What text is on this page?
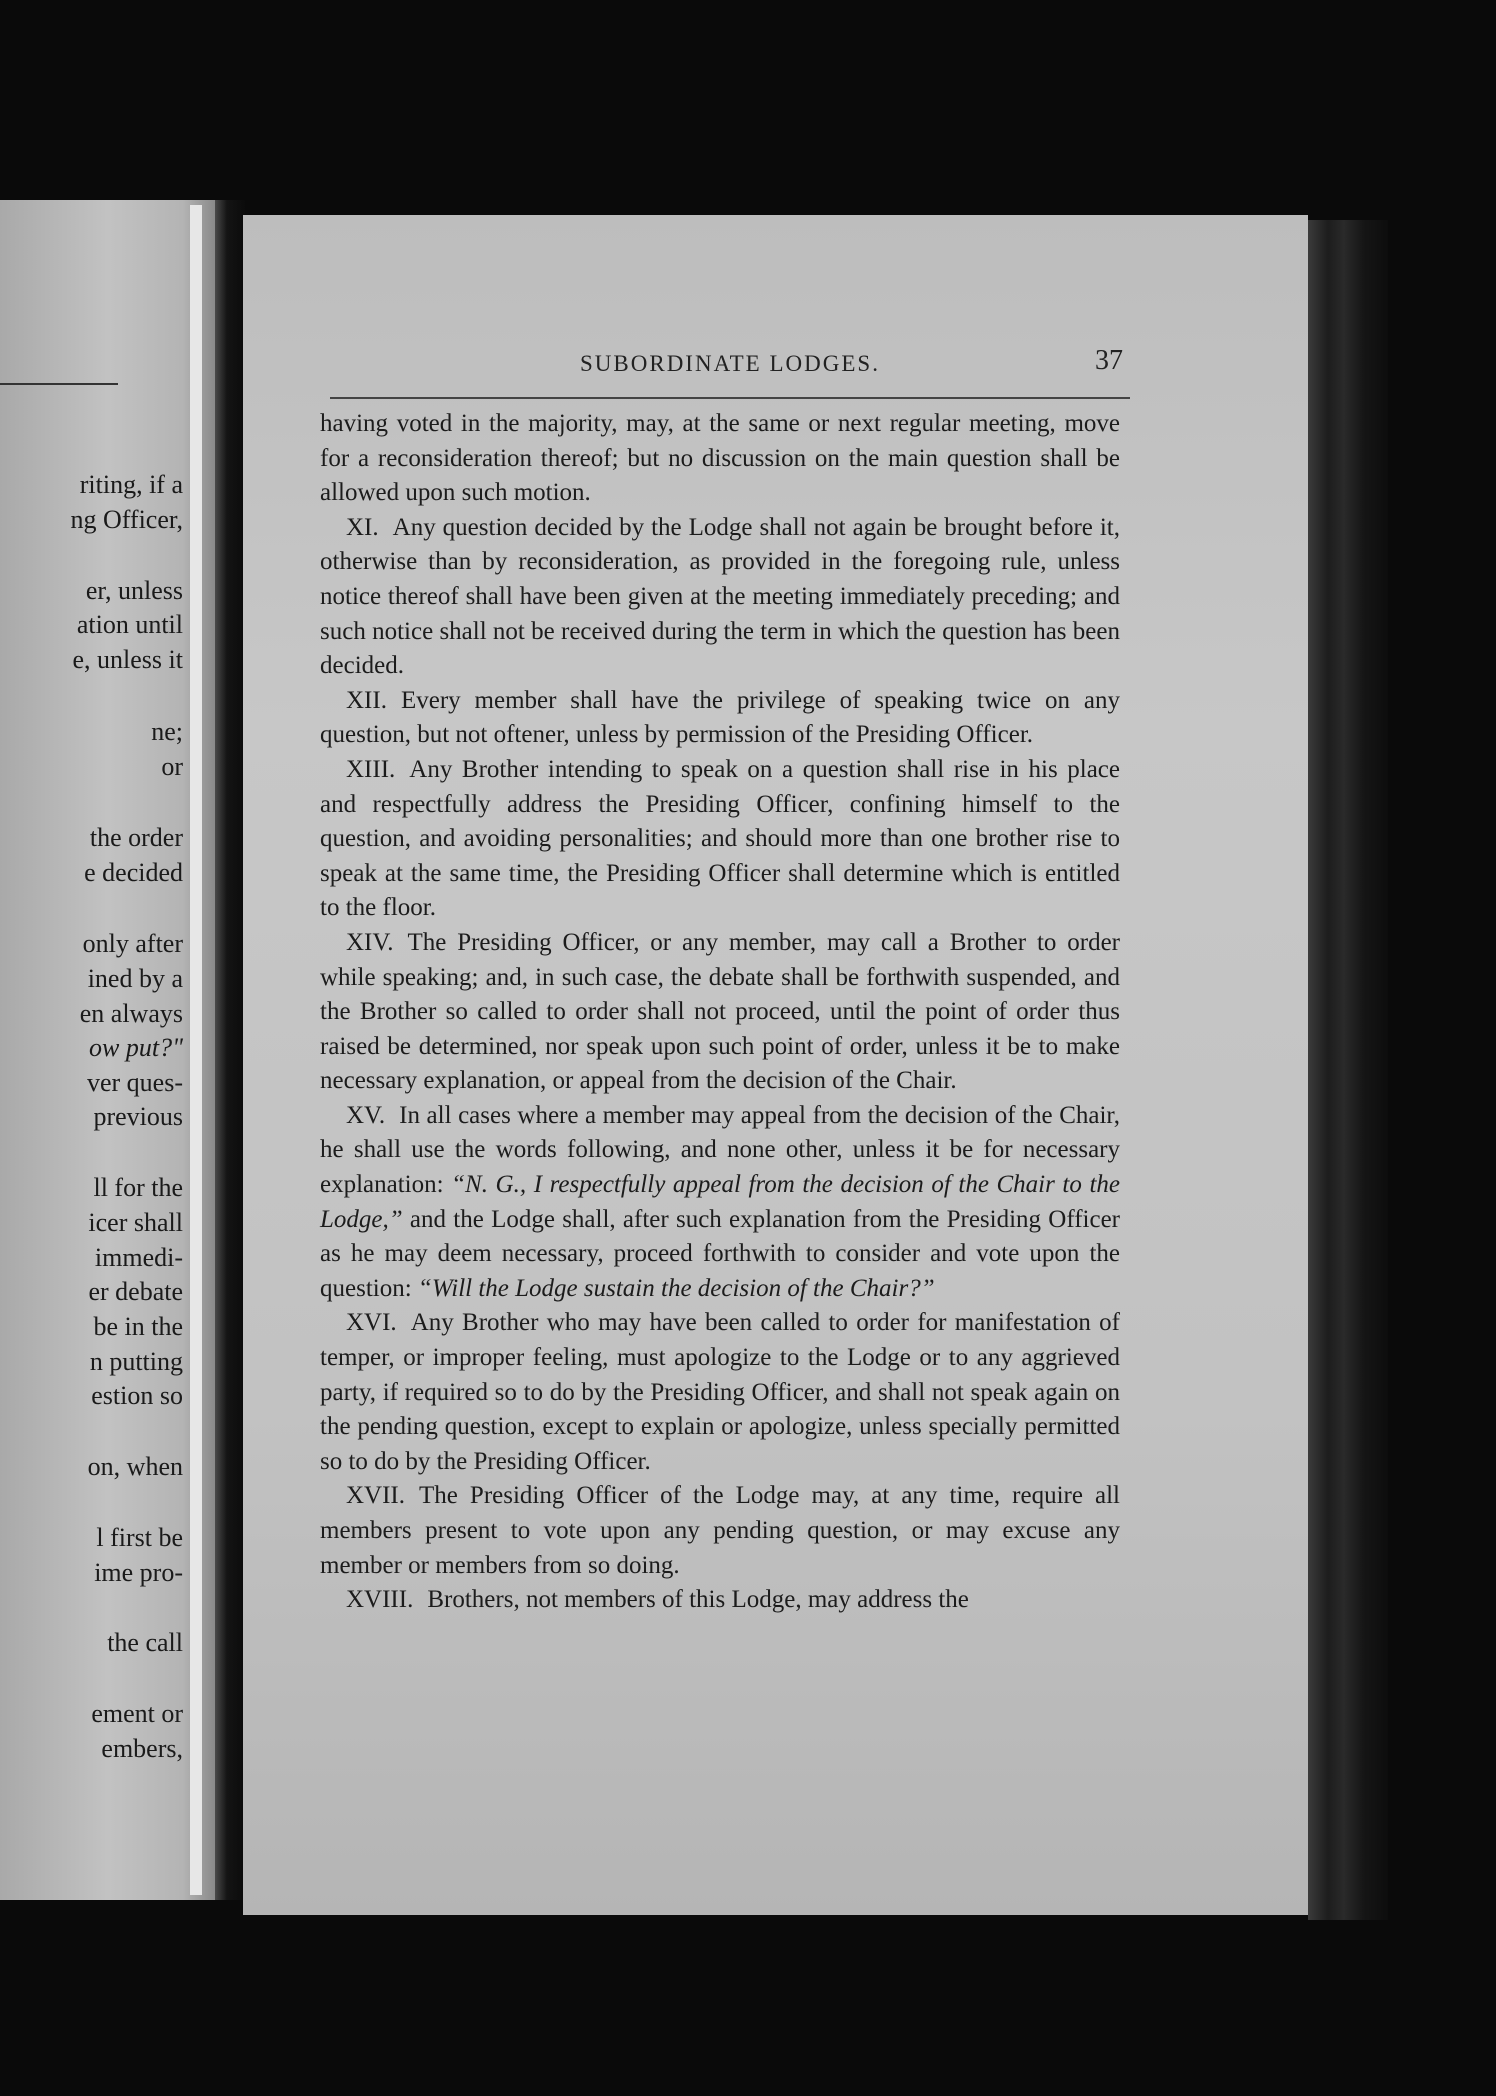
riting, if a
ng Officer,
er, unless
ation until
e, unless it
ne;
or
the order
e decided
only after
ined by a
en always
ow put?"
ver ques-
previous
ll for the
icer shall
immedi-
er debate
be in the
n putting
estion so
on, when
l first be
ime pro-
the call
ement or
embers,
SUBORDINATE LODGES.	37

having voted in the majority, may, at the same or next regular meeting, move for a reconsideration thereof; but no discussion on the main question shall be allowed upon such motion.

XI. Any question decided by the Lodge shall not again be brought before it, otherwise than by reconsideration, as provided in the foregoing rule, unless notice thereof shall have been given at the meeting immediately preceding; and such notice shall not be received during the term in which the question has been decided.

XII. Every member shall have the privilege of speaking twice on any question, but not oftener, unless by permission of the Presiding Officer.

XIII. Any Brother intending to speak on a question shall rise in his place and respectfully address the Presiding Officer, confining himself to the question, and avoiding personalities; and should more than one brother rise to speak at the same time, the Presiding Officer shall determine which is entitled to the floor.

XIV. The Presiding Officer, or any member, may call a Brother to order while speaking; and, in such case, the debate shall be forthwith suspended, and the Brother so called to order shall not proceed, until the point of order thus raised be determined, nor speak upon such point of order, unless it be to make necessary explanation, or appeal from the decision of the Chair.

XV. In all cases where a member may appeal from the decision of the Chair, he shall use the words following, and none other, unless it be for necessary explanation: “N. G., I respectfully appeal from the decision of the Chair to the Lodge,” and the Lodge shall, after such explanation from the Presiding Officer as he may deem necessary, proceed forthwith to consider and vote upon the question: “Will the Lodge sustain the decision of the Chair?”

XVI. Any Brother who may have been called to order for manifestation of temper, or improper feeling, must apologize to the Lodge or to any aggrieved party, if required so to do by the Presiding Officer, and shall not speak again on the pending question, except to explain or apologize, unless specially permitted so to do by the Presiding Officer.

XVII. The Presiding Officer of the Lodge may, at any time, require all members present to vote upon any pending question, or may excuse any member or members from so doing.

XVIII. Brothers, not members of this Lodge, may address the
